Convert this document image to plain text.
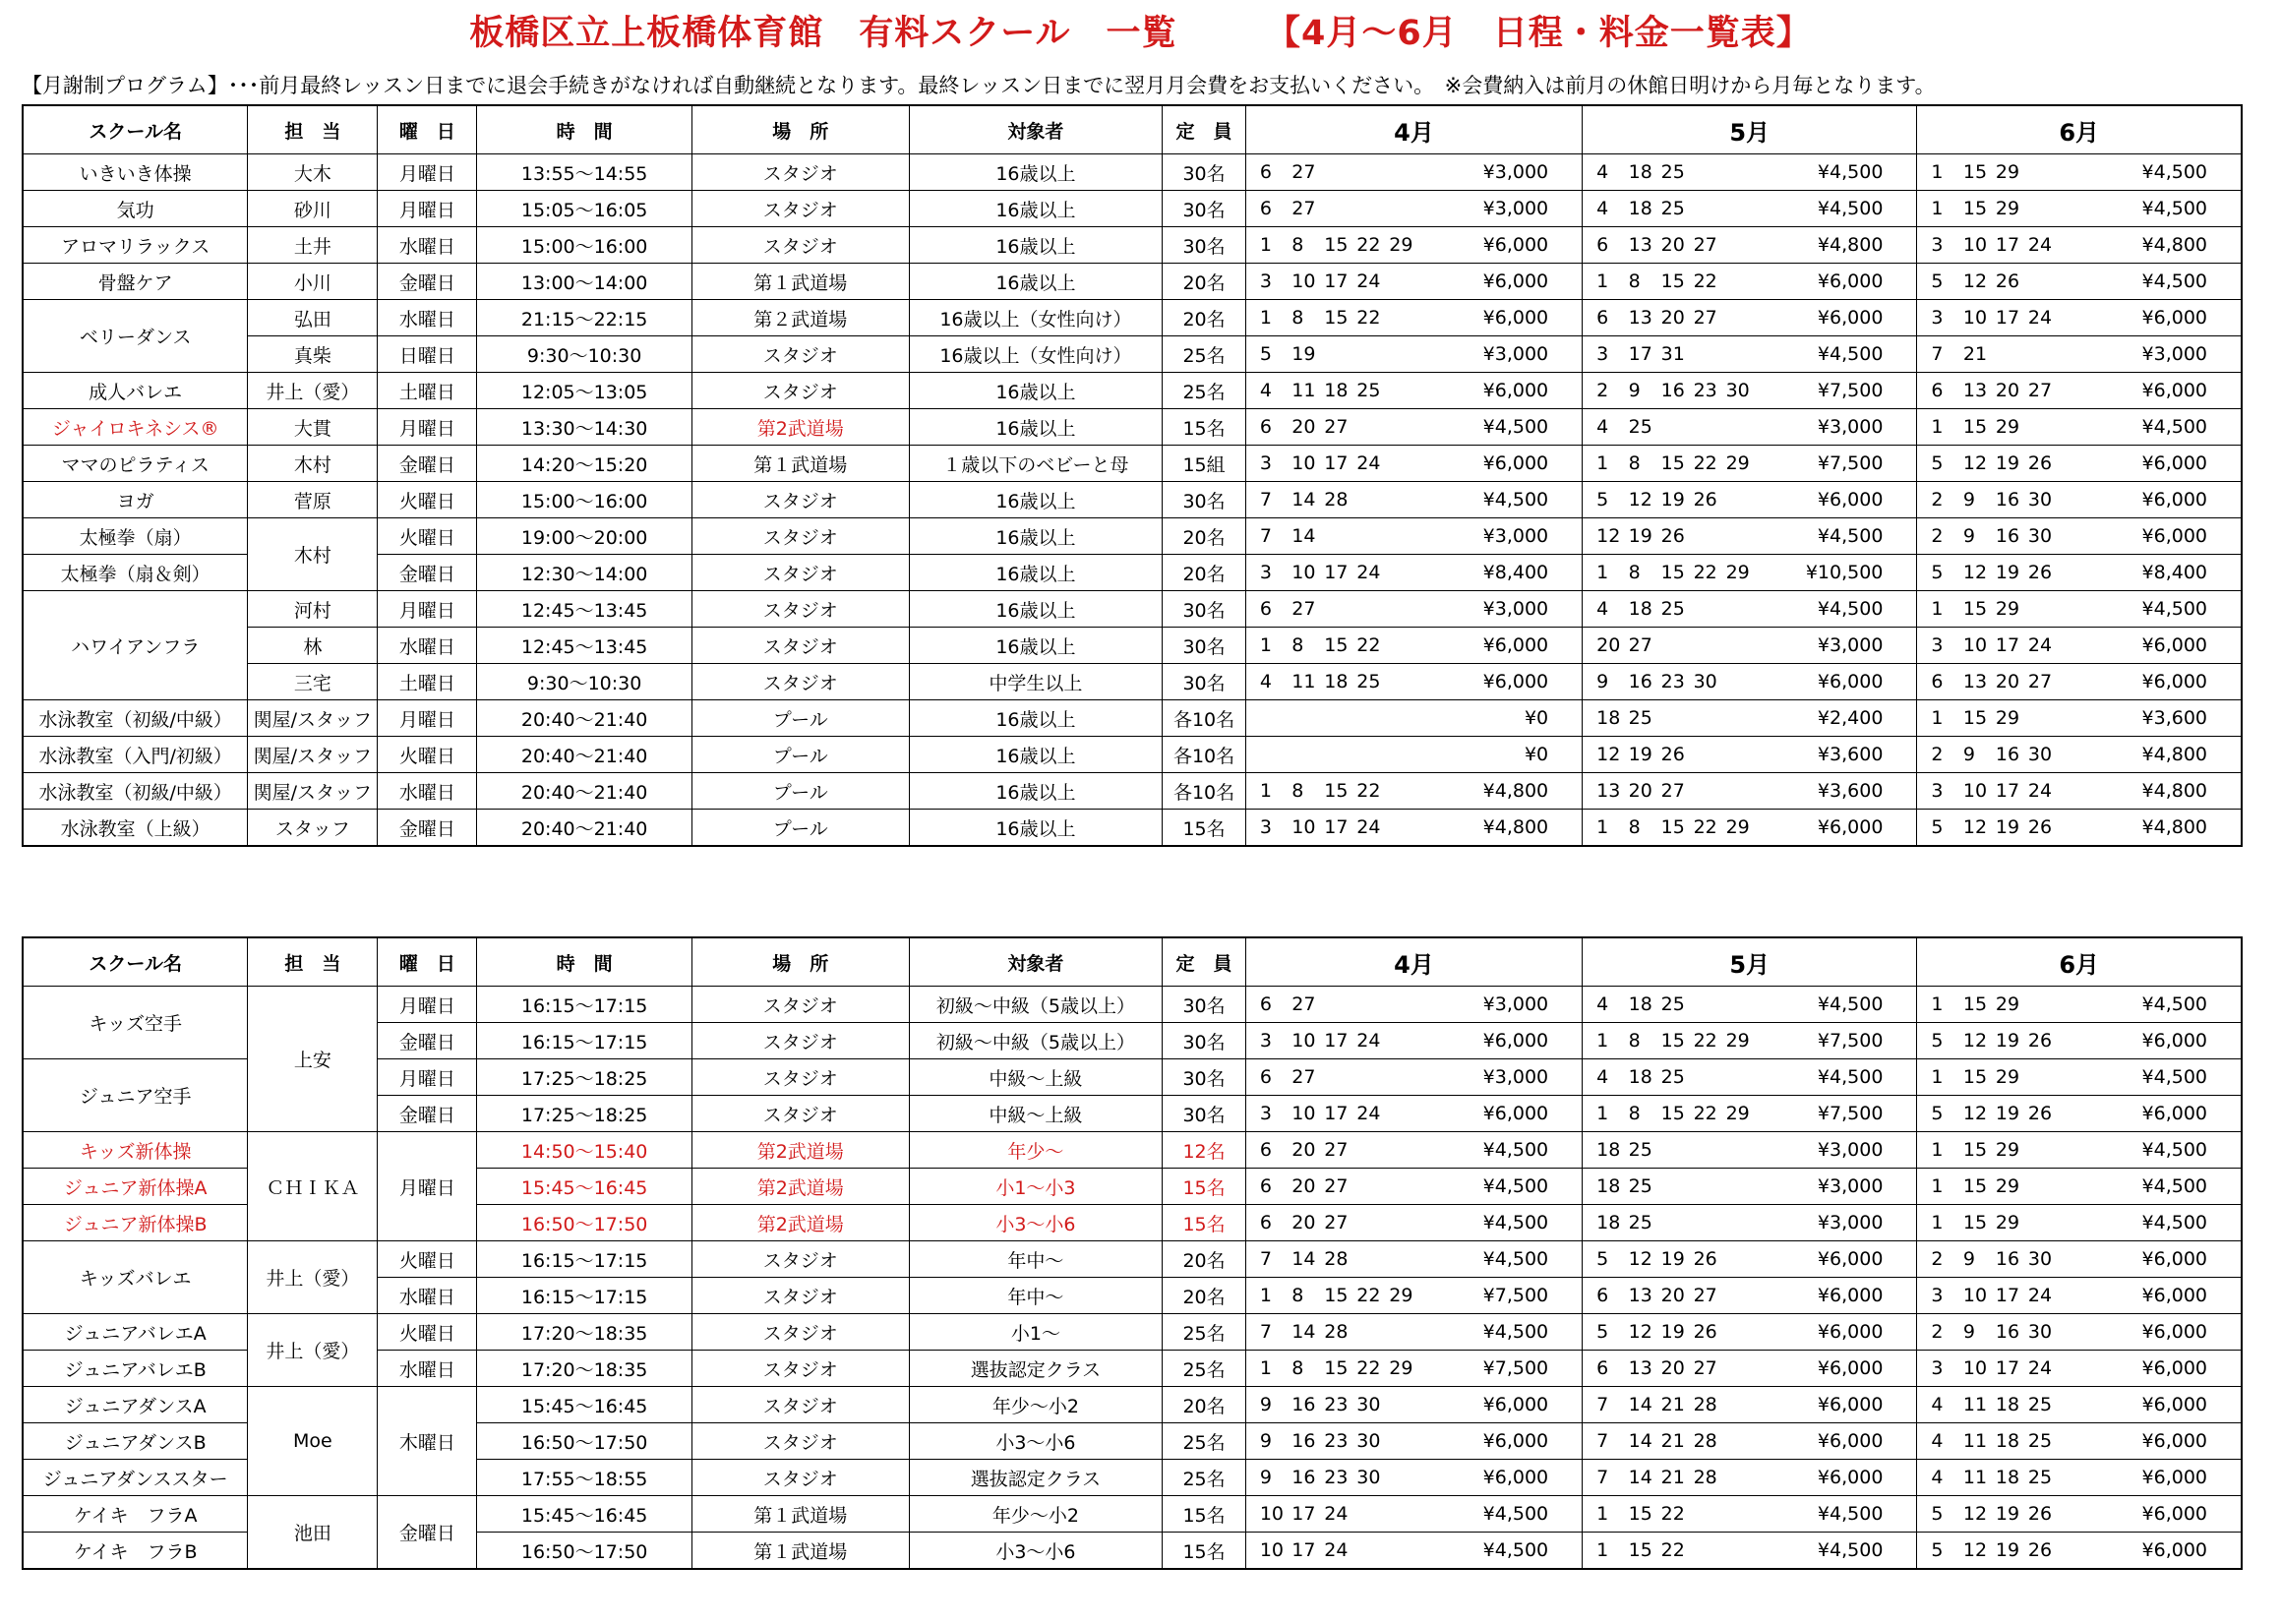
板橋区立上板橋体育館　有料スクール　一覧　　　【4月～6月　日程・料金一覧表】
【月謝制プログラム】･･･前月最終レッスン日までに退会手続きがなければ自動継続となります。最終レッスン日までに翌月月会費をお支払いください。　※会費納入は前月の休館日明けから月毎となります。
スクール名	担　当	曜　日	時　間	場　所	対象者	定　員	4月						5月						6月					
いきいき体操	大木	月曜日	13:55～14:55	スタジオ	16歳以上	30名	6	27				¥3,000	4	18	25			¥4,500	1	15	29			¥4,500
気功	砂川	月曜日	15:05～16:05	スタジオ	16歳以上	30名	6	27				¥3,000	4	18	25			¥4,500	1	15	29			¥4,500
アロマリラックス	土井	水曜日	15:00～16:00	スタジオ	16歳以上	30名	1	8	15	22	29	¥6,000	6	13	20	27		¥4,800	3	10	17	24		¥4,800
骨盤ケア	小川	金曜日	13:00～14:00	第１武道場	16歳以上	20名	3	10	17	24		¥6,000	1	8	15	22		¥6,000	5	12	26			¥4,500
ベリーダンス	弘田	水曜日	21:15～22:15	第２武道場	16歳以上（女性向け）	20名	1	8	15	22		¥6,000	6	13	20	27		¥6,000	3	10	17	24		¥6,000
	真柴	日曜日	9:30～10:30	スタジオ	16歳以上（女性向け）	25名	5	19				¥3,000	3	17	31			¥4,500	7	21				¥3,000
成人バレエ	井上（愛）	土曜日	12:05～13:05	スタジオ	16歳以上	25名	4	11	18	25		¥6,000	2	9	16	23	30	¥7,500	6	13	20	27		¥6,000
ジャイロキネシス®	大貫	月曜日	13:30～14:30	第2武道場	16歳以上	15名	6	20	27			¥4,500	4	25				¥3,000	1	15	29			¥4,500
ママのピラティス	木村	金曜日	14:20～15:20	第１武道場	１歳以下のベビーと母	15組	3	10	17	24		¥6,000	1	8	15	22	29	¥7,500	5	12	19	26		¥6,000
ヨガ	菅原	火曜日	15:00～16:00	スタジオ	16歳以上	30名	7	14	28			¥4,500	5	12	19	26		¥6,000	2	9	16	30		¥6,000
太極拳（扇）	木村	火曜日	19:00～20:00	スタジオ	16歳以上	20名	7	14				¥3,000	12	19	26			¥4,500	2	9	16	30		¥6,000
太極拳（扇＆剣）		金曜日	12:30～14:00	スタジオ	16歳以上	20名	3	10	17	24		¥8,400	1	8	15	22	29	¥10,500	5	12	19	26		¥8,400
ハワイアンフラ	河村	月曜日	12:45～13:45	スタジオ	16歳以上	30名	6	27				¥3,000	4	18	25			¥4,500	1	15	29			¥4,500
	林	水曜日	12:45～13:45	スタジオ	16歳以上	30名	1	8	15	22		¥6,000	20	27				¥3,000	3	10	17	24		¥6,000
	三宅	土曜日	9:30～10:30	スタジオ	中学生以上	30名	4	11	18	25		¥6,000	9	16	23	30		¥6,000	6	13	20	27		¥6,000
水泳教室（初級/中級）	関屋/スタッフ	月曜日	20:40～21:40	プール	16歳以上	各10名						¥0	18	25				¥2,400	1	15	29			¥3,600
水泳教室（入門/初級）	関屋/スタッフ	火曜日	20:40～21:40	プール	16歳以上	各10名						¥0	12	19	26			¥3,600	2	9	16	30		¥4,800
水泳教室（初級/中級）	関屋/スタッフ	水曜日	20:40～21:40	プール	16歳以上	各10名	1	8	15	22		¥4,800	13	20	27			¥3,600	3	10	17	24		¥4,800
水泳教室（上級）	スタッフ	金曜日	20:40～21:40	プール	16歳以上	15名	3	10	17	24		¥4,800	1	8	15	22	29	¥6,000	5	12	19	26		¥4,800
スクール名	担　当	曜　日	時　間	場　所	対象者	定　員	4月						5月						6月					
キッズ空手	上安	月曜日	16:15～17:15	スタジオ	初級～中級（5歳以上）	30名	6	27				¥3,000	4	18	25			¥4,500	1	15	29			¥4,500
		金曜日	16:15～17:15	スタジオ	初級～中級（5歳以上）	30名	3	10	17	24		¥6,000	1	8	15	22	29	¥7,500	5	12	19	26		¥6,000
ジュニア空手		月曜日	17:25～18:25	スタジオ	中級～上級	30名	6	27				¥3,000	4	18	25			¥4,500	1	15	29			¥4,500
		金曜日	17:25～18:25	スタジオ	中級～上級	30名	3	10	17	24		¥6,000	1	8	15	22	29	¥7,500	5	12	19	26		¥6,000
キッズ新体操	ＣＨＩＫＡ	月曜日	14:50～15:40	第2武道場	年少～	12名	6	20	27			¥4,500	18	25				¥3,000	1	15	29			¥4,500
ジュニア新体操A			15:45～16:45	第2武道場	小1～小3	15名	6	20	27			¥4,500	18	25				¥3,000	1	15	29			¥4,500
ジュニア新体操B			16:50～17:50	第2武道場	小3～小6	15名	6	20	27			¥4,500	18	25				¥3,000	1	15	29			¥4,500
キッズバレエ	井上（愛）	火曜日	16:15～17:15	スタジオ	年中～	20名	7	14	28			¥4,500	5	12	19	26		¥6,000	2	9	16	30		¥6,000
		水曜日	16:15～17:15	スタジオ	年中～	20名	1	8	15	22	29	¥7,500	6	13	20	27		¥6,000	3	10	17	24		¥6,000
ジュニアバレエA	井上（愛）	火曜日	17:20～18:35	スタジオ	小1～	25名	7	14	28			¥4,500	5	12	19	26		¥6,000	2	9	16	30		¥6,000
ジュニアバレエB		水曜日	17:20～18:35	スタジオ	選抜認定クラス	25名	1	8	15	22	29	¥7,500	6	13	20	27		¥6,000	3	10	17	24		¥6,000
ジュニアダンスA	Moe	木曜日	15:45～16:45	スタジオ	年少～小2	20名	9	16	23	30		¥6,000	7	14	21	28		¥6,000	4	11	18	25		¥6,000
ジュニアダンスB			16:50～17:50	スタジオ	小3～小6	25名	9	16	23	30		¥6,000	7	14	21	28		¥6,000	4	11	18	25		¥6,000
ジュニアダンススター			17:55～18:55	スタジオ	選抜認定クラス	25名	9	16	23	30		¥6,000	7	14	21	28		¥6,000	4	11	18	25		¥6,000
ケイキ　フラA	池田	金曜日	15:45～16:45	第１武道場	年少～小2	15名	10	17	24			¥4,500	1	15	22			¥4,500	5	12	19	26		¥6,000
ケイキ　フラB			16:50～17:50	第１武道場	小3～小6	15名	10	17	24			¥4,500	1	15	22			¥4,500	5	12	19	26		¥6,000
